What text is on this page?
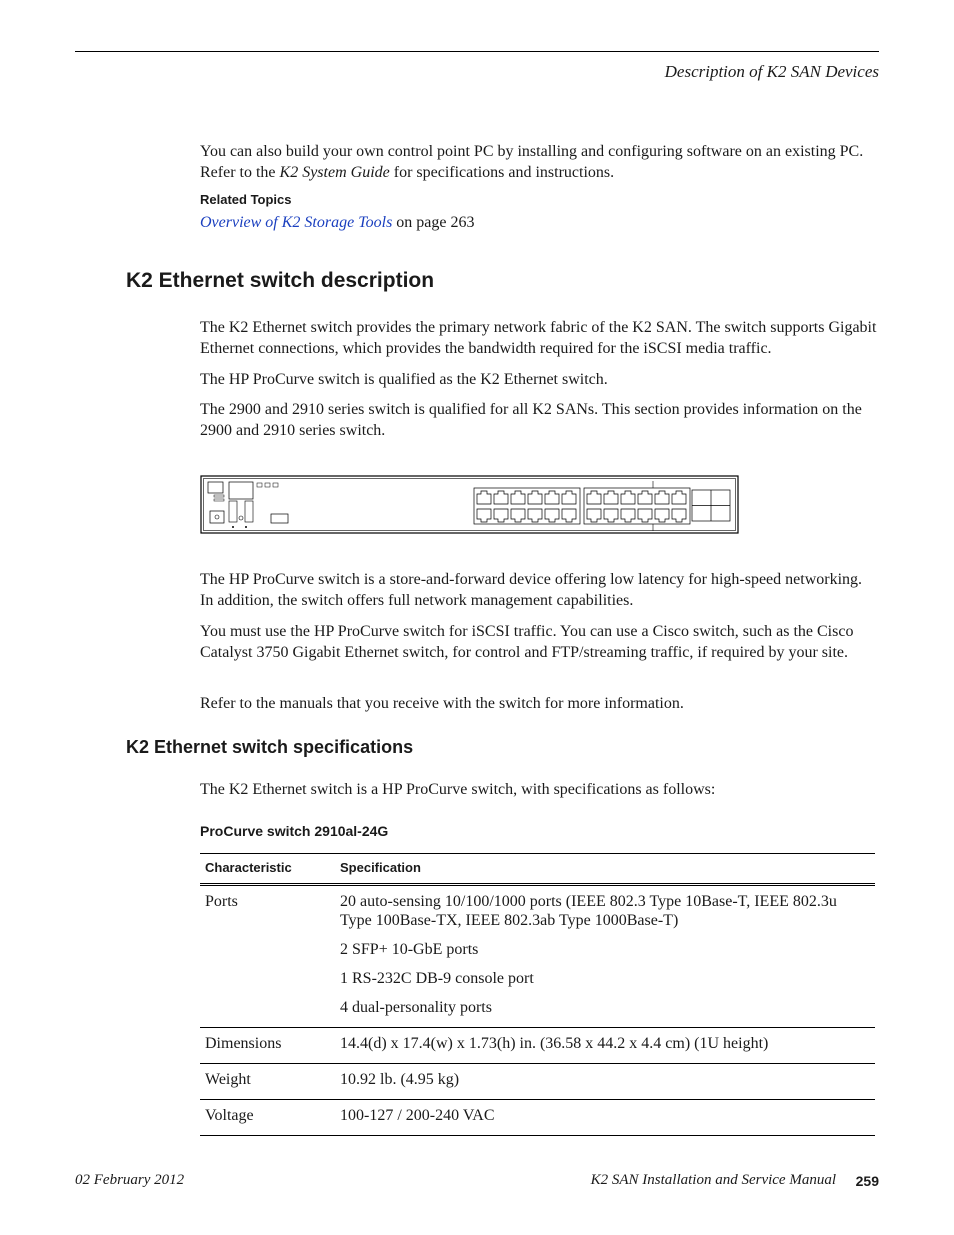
Description of K2 SAN Devices

You can also build your own control point PC by installing and configuring software on an existing PC. Refer to the K2 System Guide for specifications and instructions.

Related Topics

Overview of K2 Storage Tools on page 263

K2 Ethernet switch description

The K2 Ethernet switch provides the primary network fabric of the K2 SAN. The switch supports Gigabit Ethernet connections, which provides the bandwidth required for the iSCSI media traffic.

The HP ProCurve switch is qualified as the K2 Ethernet switch.

The 2900 and 2910 series switch is qualified for all K2 SANs. This section provides information on the 2900 and 2910 series switch.

The HP ProCurve switch is a store-and-forward device offering low latency for high-speed networking. In addition, the switch offers full network management capabilities.

You must use the HP ProCurve switch for iSCSI traffic. You can use a Cisco switch, such as the Cisco Catalyst 3750 Gigabit Ethernet switch, for control and FTP/streaming traffic, if required by your site.

Refer to the manuals that you receive with the switch for more information.

K2 Ethernet switch specifications

The K2 Ethernet switch is a HP ProCurve switch, with specifications as follows:

ProCurve switch 2910al-24G
Characteristic	Specification
Ports	20 auto-sensing 10/100/1000 ports (IEEE 802.3 Type 10Base-T, IEEE 802.3u Type 100Base-TX, IEEE 802.3ab Type 1000Base-T)

2 SFP+ 10-GbE ports

1 RS-232C DB-9 console port

4 dual-personality ports

Dimensions	14.4(d) x 17.4(w) x 1.73(h) in. (36.58 x 44.2 x 4.4 cm) (1U height)
Weight	10.92 lb. (4.95 kg)
Voltage	100-127 / 200-240 VAC
02 February 2012	K2 SAN Installation and Service Manual 259
